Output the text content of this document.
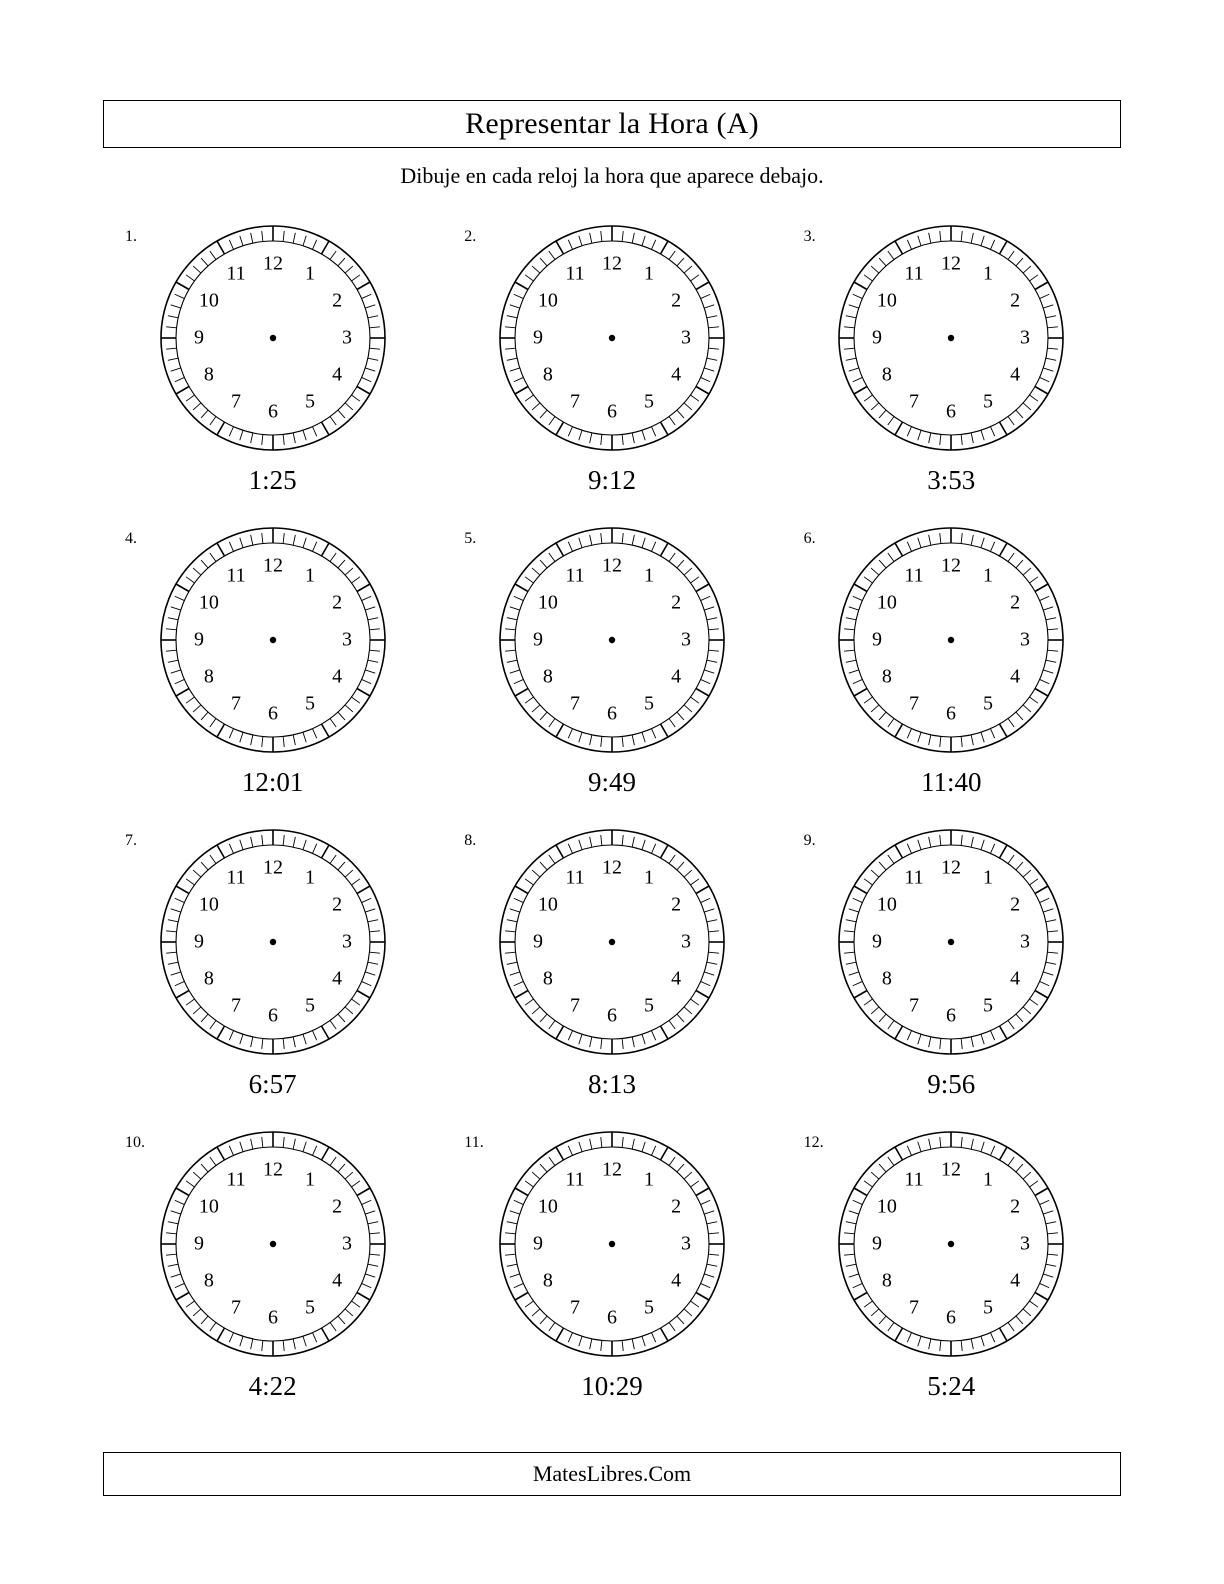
Representar la Hora (A)
Dibuje en cada reloj la hora que aparece debajo.
1.
12 1
2
3
4
5
6
7
8
9
10
11
1:25
2.
12 1
2
3
4
5
6
7
8
9
10
11
9:12
3.
12 1
2
3
4
5
6
7
8
9
10
11
3:53
4.
12 1
2
3
4
5
6
7
8
9
10
11
12:01
5.
12 1
2
3
4
5
6
7
8
9
10
11
9:49
6.
12 1
2
3
4
5
6
7
8
9
10
11
11:40
7.
12 1
2
3
4
5
6
7
8
9
10
11
6:57
8.
12 1
2
3
4
5
6
7
8
9
10
11
8:13
9.
12 1
2
3
4
5
6
7
8
9
10
11
9:56
10.
12 1
2
3
4
5
6
7
8
9
10
11
4:22
11.
12 1
2
3
4
5
6
7
8
9
10
11
10:29
12.
12 1
2
3
4
5
6
7
8
9
10
11
5:24
MatesLibres.Com
